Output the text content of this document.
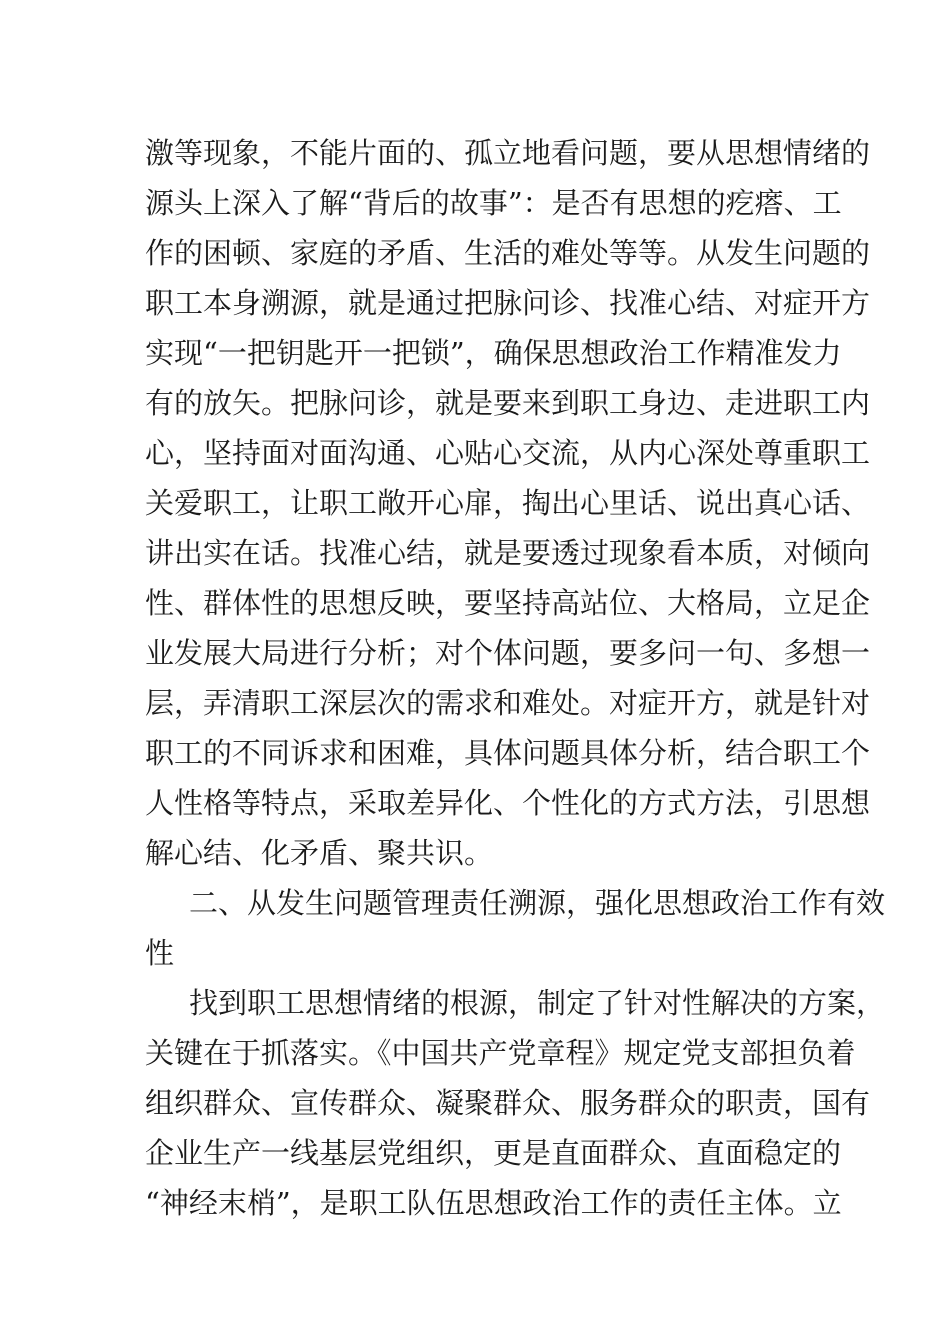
激等现象，不能片面的、孤立地看问题，要从思想情绪的
源头上深入了解“背后的故事”：是否有思想的疙瘩、工
作的困顿、家庭的矛盾、生活的难处等等。从发生问题的
职工本身溯源，就是通过把脉问诊、找准心结、对症开方
实现“一把钥匙开一把锁”，确保思想政治工作精准发力
有的放矢。把脉问诊，就是要来到职工身边、走进职工内
心，坚持面对面沟通、心贴心交流，从内心深处尊重职工
关爱职工，让职工敞开心扉，掏出心里话、说出真心话、
讲出实在话。找准心结，就是要透过现象看本质，对倾向
性、群体性的思想反映，要坚持高站位、大格局，立足企
业发展大局进行分析；对个体问题，要多问一句、多想一
层，弄清职工深层次的需求和难处。对症开方，就是针对
职工的不同诉求和困难，具体问题具体分析，结合职工个
人性格等特点，采取差异化、个性化的方式方法，引思想
解心结、化矛盾、聚共识。
二、从发生问题管理责任溯源，强化思想政治工作有效
性
找到职工思想情绪的根源，制定了针对性解决的方案，
关键在于抓落实。《中国共产党章程》规定党支部担负着
组织群众、宣传群众、凝聚群众、服务群众的职责，国有
企业生产一线基层党组织，更是直面群众、直面稳定的
“神经末梢”，是职工队伍思想政治工作的责任主体。立
